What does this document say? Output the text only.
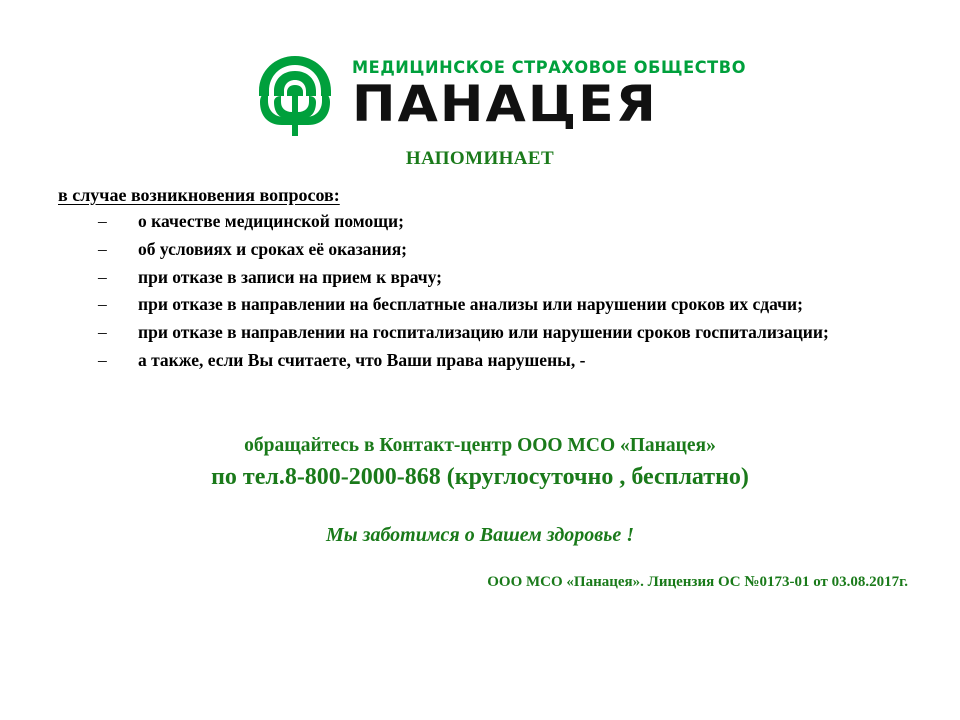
МЕДИЦИНСКОЕ СТРАХОВОЕ ОБЩЕСТВО
ПАНАЦЕЯ
НАПОМИНАЕТ
в случае возникновения вопросов:
–	о качестве медицинской помощи;
–	об условиях и сроках её оказания;
–	при отказе в записи на прием к врачу;
–	при отказе в направлении на бесплатные анализы или нарушении сроков их сдачи;
–	при отказе в направлении на госпитализацию или нарушении сроков госпитализации;
–	а также, если Вы считаете, что Ваши права нарушены, -
обращайтесь в Контакт-центр ООО МСО «Панацея»
по тел.8-800-2000-868 (круглосуточно , бесплатно)
Мы заботимся о Вашем здоровье !
ООО МСО «Панацея». Лицензия ОС №0173-01 от 03.08.2017г.
